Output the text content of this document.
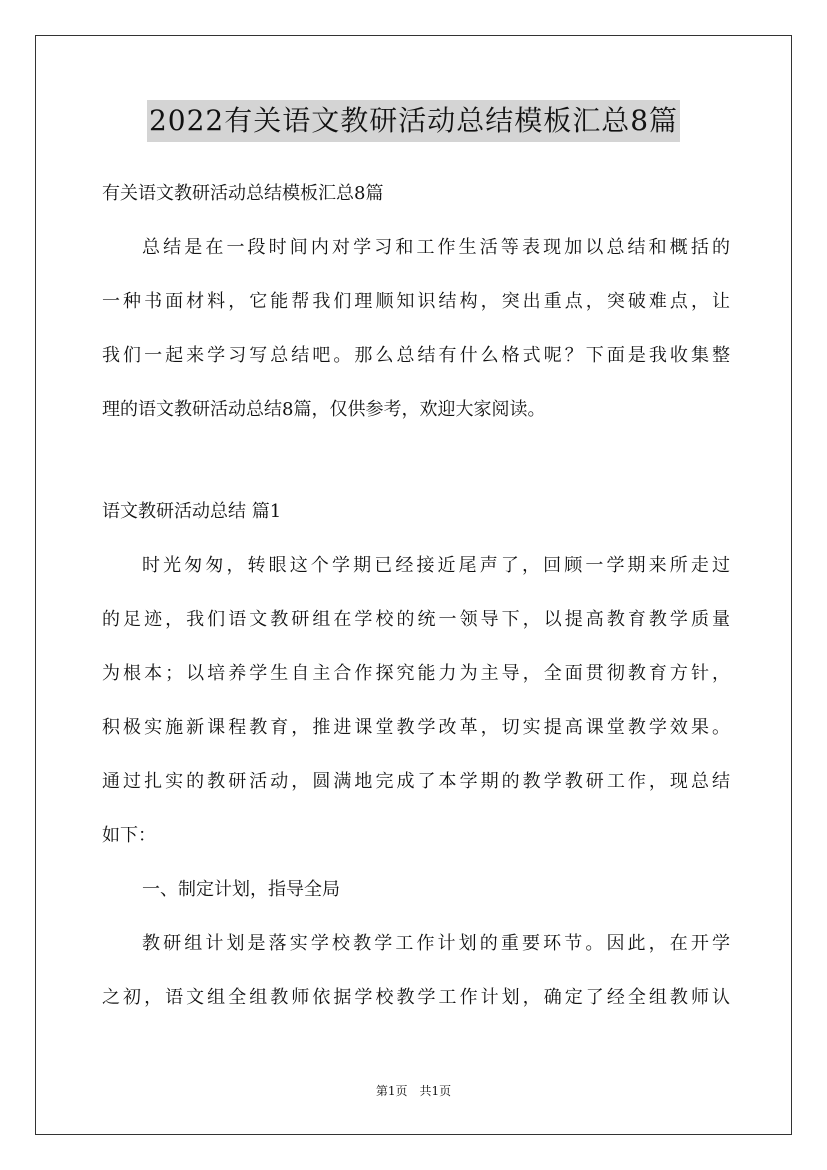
2022有关语文教研活动总结模板汇总8篇
有关语文教研活动总结模板汇总8篇
总结是在一段时间内对学习和工作生活等表现加以总结和概括的
一种书面材料，它能帮我们理顺知识结构，突出重点，突破难点，让
我们一起来学习写总结吧。那么总结有什么格式呢？下面是我收集整
理的语文教研活动总结8篇，仅供参考，欢迎大家阅读。
语文教研活动总结 篇1
时光匆匆，转眼这个学期已经接近尾声了，回顾一学期来所走过
的足迹，我们语文教研组在学校的统一领导下，以提高教育教学质量
为根本；以培养学生自主合作探究能力为主导，全面贯彻教育方针，
积极实施新课程教育，推进课堂教学改革，切实提高课堂教学效果。
通过扎实的教研活动，圆满地完成了本学期的教学教研工作，现总结
如下：
一、制定计划，指导全局
教研组计划是落实学校教学工作计划的重要环节。因此，在开学
之初，语文组全组教师依据学校教学工作计划，确定了经全组教师认
第1页　共1页
